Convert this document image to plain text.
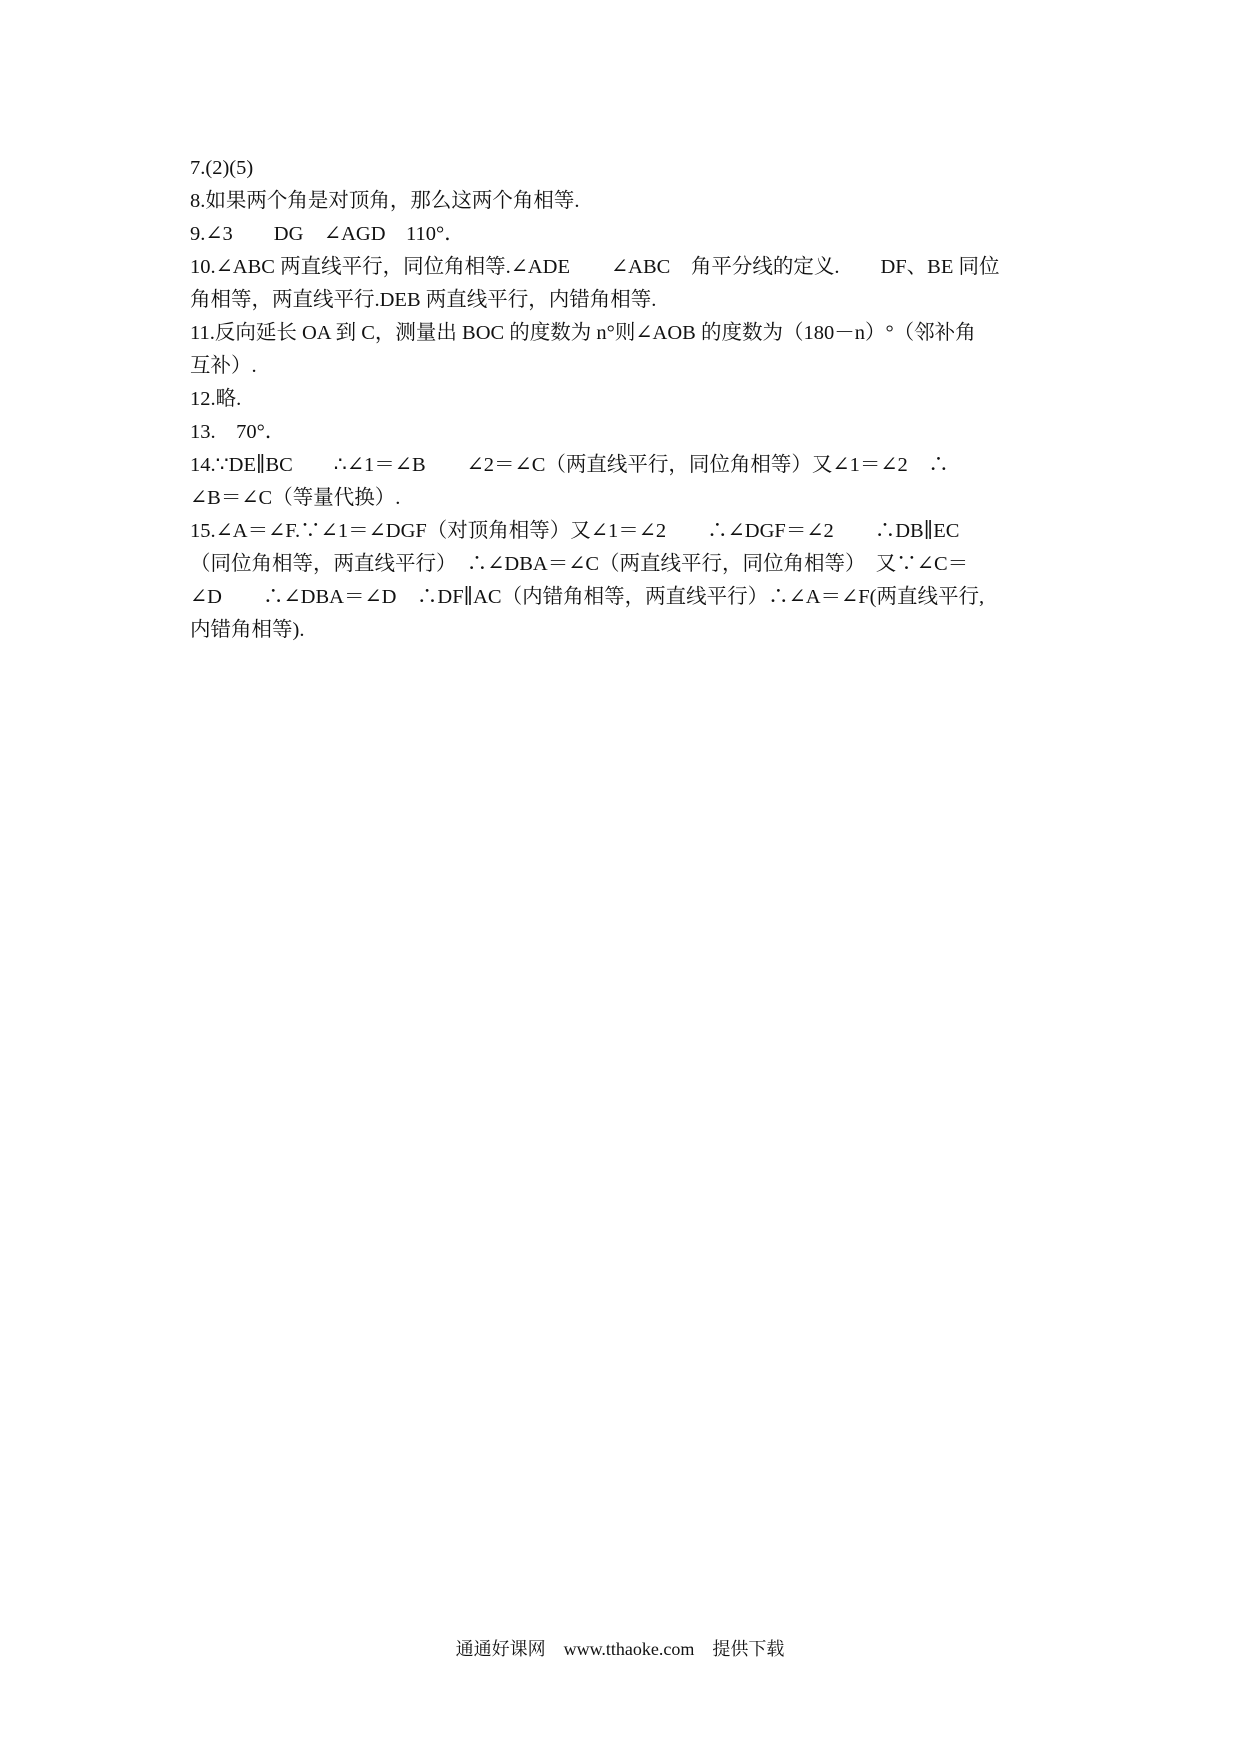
7.(2)(5)
8.如果两个角是对顶角，那么这两个角相等.
9.∠3　　DG　∠AGD　110°．
10.∠ABC 两直线平行，同位角相等.∠ADE　　∠ABC　角平分线的定义.　　DF、BE 同位
角相等，两直线平行.DEB 两直线平行，内错角相等.
11.反向延长 OA 到 C，测量出 BOC 的度数为 n°则∠AOB 的度数为（180－n）°（邻补角
互补）.
12.略.
13.　70°．
14.∵DE∥BC　　∴∠1＝∠B　　∠2＝∠C（两直线平行，同位角相等）又∠1＝∠2　∴
∠B＝∠C（等量代换）.
15.∠A＝∠F.∵∠1＝∠DGF（对顶角相等）又∠1＝∠2　　∴∠DGF＝∠2　　∴DB∥EC
（同位角相等，两直线平行）　∴∠DBA＝∠C（两直线平行，同位角相等）　又∵∠C＝
∠D　　∴∠DBA＝∠D　∴DF∥AC（内错角相等，两直线平行）∴∠A＝∠F(两直线平行,
内错角相等).
通通好课网　www.tthaoke.com　提供下载
